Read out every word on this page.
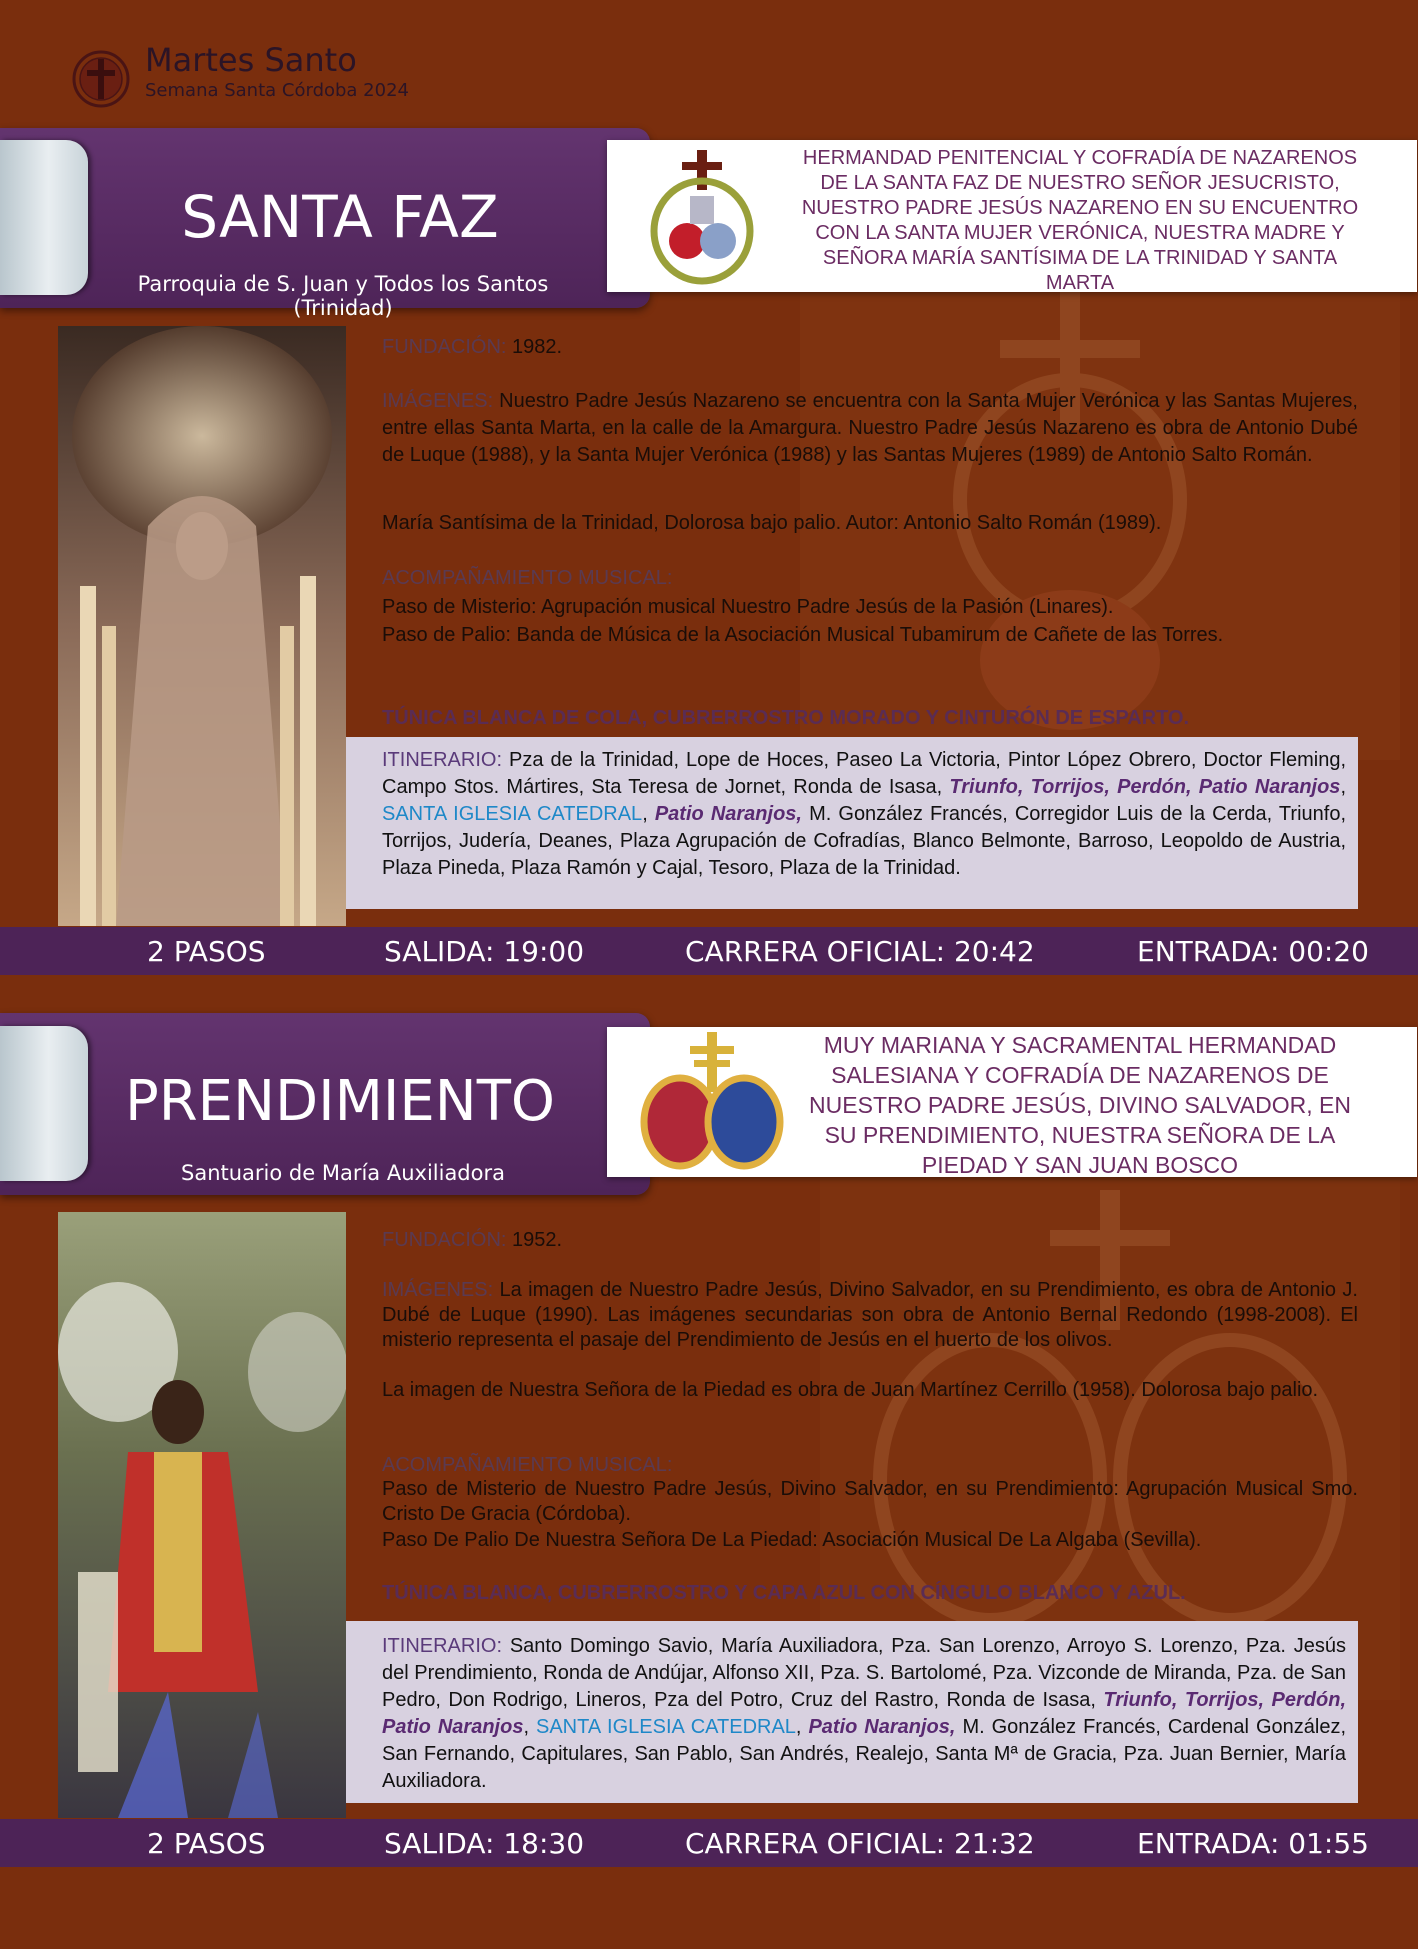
Martes Santo
Semana Santa Córdoba 2024
SANTA FAZ
Parroquia de S. Juan y Todos los Santos (Trinidad)
HERMANDAD PENITENCIAL Y COFRADÍA DE NAZARENOS DE LA SANTA FAZ DE NUESTRO SEÑOR JESUCRISTO, NUESTRO PADRE JESÚS NAZARENO EN SU ENCUENTRO CON LA SANTA MUJER VERÓNICA, NUESTRA MADRE Y SEÑORA MARÍA SANTÍSIMA DE LA TRINIDAD Y SANTA MARTA
FUNDACIÓN: 1982.
IMÁGENES: Nuestro Padre Jesús Nazareno se encuentra con la Santa Mujer Verónica y las Santas Mujeres, entre ellas Santa Marta, en la calle de la Amargura. Nuestro Padre Jesús Nazareno es obra de Antonio Dubé de Luque (1988), y la Santa Mujer Verónica (1988) y las Santas Mujeres (1989) de Antonio Salto Román.
María Santísima de la Trinidad, Dolorosa bajo palio. Autor: Antonio Salto Román (1989).
ACOMPAÑAMIENTO MUSICAL:
Paso de Misterio: Agrupación musical Nuestro Padre Jesús de la Pasión (Linares).
Paso de Palio: Banda de Música de la Asociación Musical Tubamirum de Cañete de las Torres.
TÚNICA BLANCA DE COLA, CUBRERROSTRO MORADO Y CINTURÓN DE ESPARTO.
ITINERARIO: Pza de la Trinidad, Lope de Hoces, Paseo La Victoria, Pintor López Obrero, Doctor Fleming, Campo Stos. Mártires, Sta Teresa de Jornet, Ronda de Isasa, Triunfo, Torrijos, Perdón, Patio Naranjos, SANTA IGLESIA CATEDRAL, Patio Naranjos, M. González Francés, Corregidor Luis de la Cerda, Triunfo, Torrijos, Judería, Deanes, Plaza Agrupación de Cofradías, Blanco Belmonte, Barroso, Leopoldo de Austria, Plaza Pineda, Plaza Ramón y Cajal, Tesoro, Plaza de la Trinidad.
2 PASOS	SALIDA: 19:00	CARRERA OFICIAL: 20:42	ENTRADA: 00:20
PRENDIMIENTO
Santuario de María Auxiliadora
MUY MARIANA Y SACRAMENTAL HERMANDAD SALESIANA Y COFRADÍA DE NAZARENOS DE NUESTRO PADRE JESÚS, DIVINO SALVADOR, EN SU PRENDIMIENTO, NUESTRA SEÑORA DE LA PIEDAD Y SAN JUAN BOSCO
FUNDACIÓN: 1952.
IMÁGENES: La imagen de Nuestro Padre Jesús, Divino Salvador, en su Prendimiento, es obra de Antonio J. Dubé de Luque (1990). Las imágenes secundarias son obra de Antonio Bernal Redondo (1998-2008). El misterio representa el pasaje del Prendimiento de Jesús en el huerto de los olivos.
La imagen de Nuestra Señora de la Piedad es obra de Juan Martínez Cerrillo (1958). Dolorosa bajo palio.
ACOMPAÑAMIENTO MUSICAL:
Paso de Misterio de Nuestro Padre Jesús, Divino Salvador, en su Prendimiento: Agrupación Musical Smo. Cristo De Gracia (Córdoba).
Paso De Palio De Nuestra Señora De La Piedad: Asociación Musical De La Algaba (Sevilla).
TÚNICA BLANCA, CUBRERROSTRO Y CAPA AZUL CON CÍNGULO BLANCO Y AZUL.
ITINERARIO: Santo Domingo Savio, María Auxiliadora, Pza. San Lorenzo, Arroyo S. Lorenzo, Pza. Jesús del Prendimiento, Ronda de Andújar, Alfonso XII, Pza. S. Bartolomé, Pza. Vizconde de Miranda, Pza. de San Pedro, Don Rodrigo, Lineros, Pza del Potro, Cruz del Rastro, Ronda de Isasa, Triunfo, Torrijos, Perdón, Patio Naranjos, SANTA IGLESIA CATEDRAL, Patio Naranjos, M. González Francés, Cardenal González, San Fernando, Capitulares, San Pablo, San Andrés, Realejo, Santa Mª de Gracia, Pza. Juan Bernier, María Auxiliadora.
2 PASOS	SALIDA: 18:30	CARRERA OFICIAL: 21:32	ENTRADA: 01:55
